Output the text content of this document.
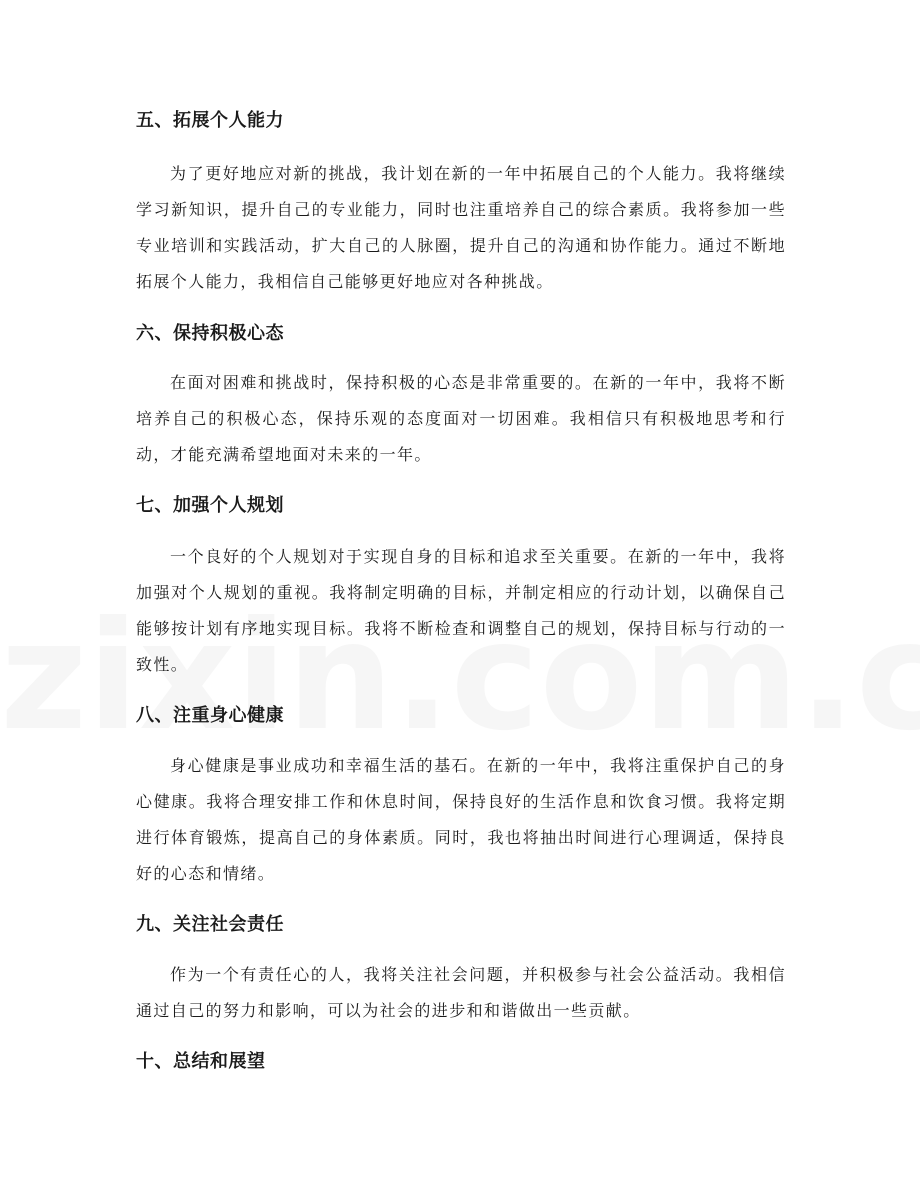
五、拓展个人能力

为了更好地应对新的挑战，我计划在新的一年中拓展自己的个人能力。我将继续学习新知识，提升自己的专业能力，同时也注重培养自己的综合素质。我将参加一些专业培训和实践活动，扩大自己的人脉圈，提升自己的沟通和协作能力。通过不断地拓展个人能力，我相信自己能够更好地应对各种挑战。

六、保持积极心态

在面对困难和挑战时，保持积极的心态是非常重要的。在新的一年中，我将不断培养自己的积极心态，保持乐观的态度面对一切困难。我相信只有积极地思考和行动，才能充满希望地面对未来的一年。

七、加强个人规划

一个良好的个人规划对于实现自身的目标和追求至关重要。在新的一年中，我将加强对个人规划的重视。我将制定明确的目标，并制定相应的行动计划，以确保自己能够按计划有序地实现目标。我将不断检查和调整自己的规划，保持目标与行动的一致性。

八、注重身心健康

身心健康是事业成功和幸福生活的基石。在新的一年中，我将注重保护自己的身心健康。我将合理安排工作和休息时间，保持良好的生活作息和饮食习惯。我将定期进行体育锻炼，提高自己的身体素质。同时，我也将抽出时间进行心理调适，保持良好的心态和情绪。

九、关注社会责任

作为一个有责任心的人，我将关注社会问题，并积极参与社会公益活动。我相信通过自己的努力和影响，可以为社会的进步和和谐做出一些贡献。

十、总结和展望
